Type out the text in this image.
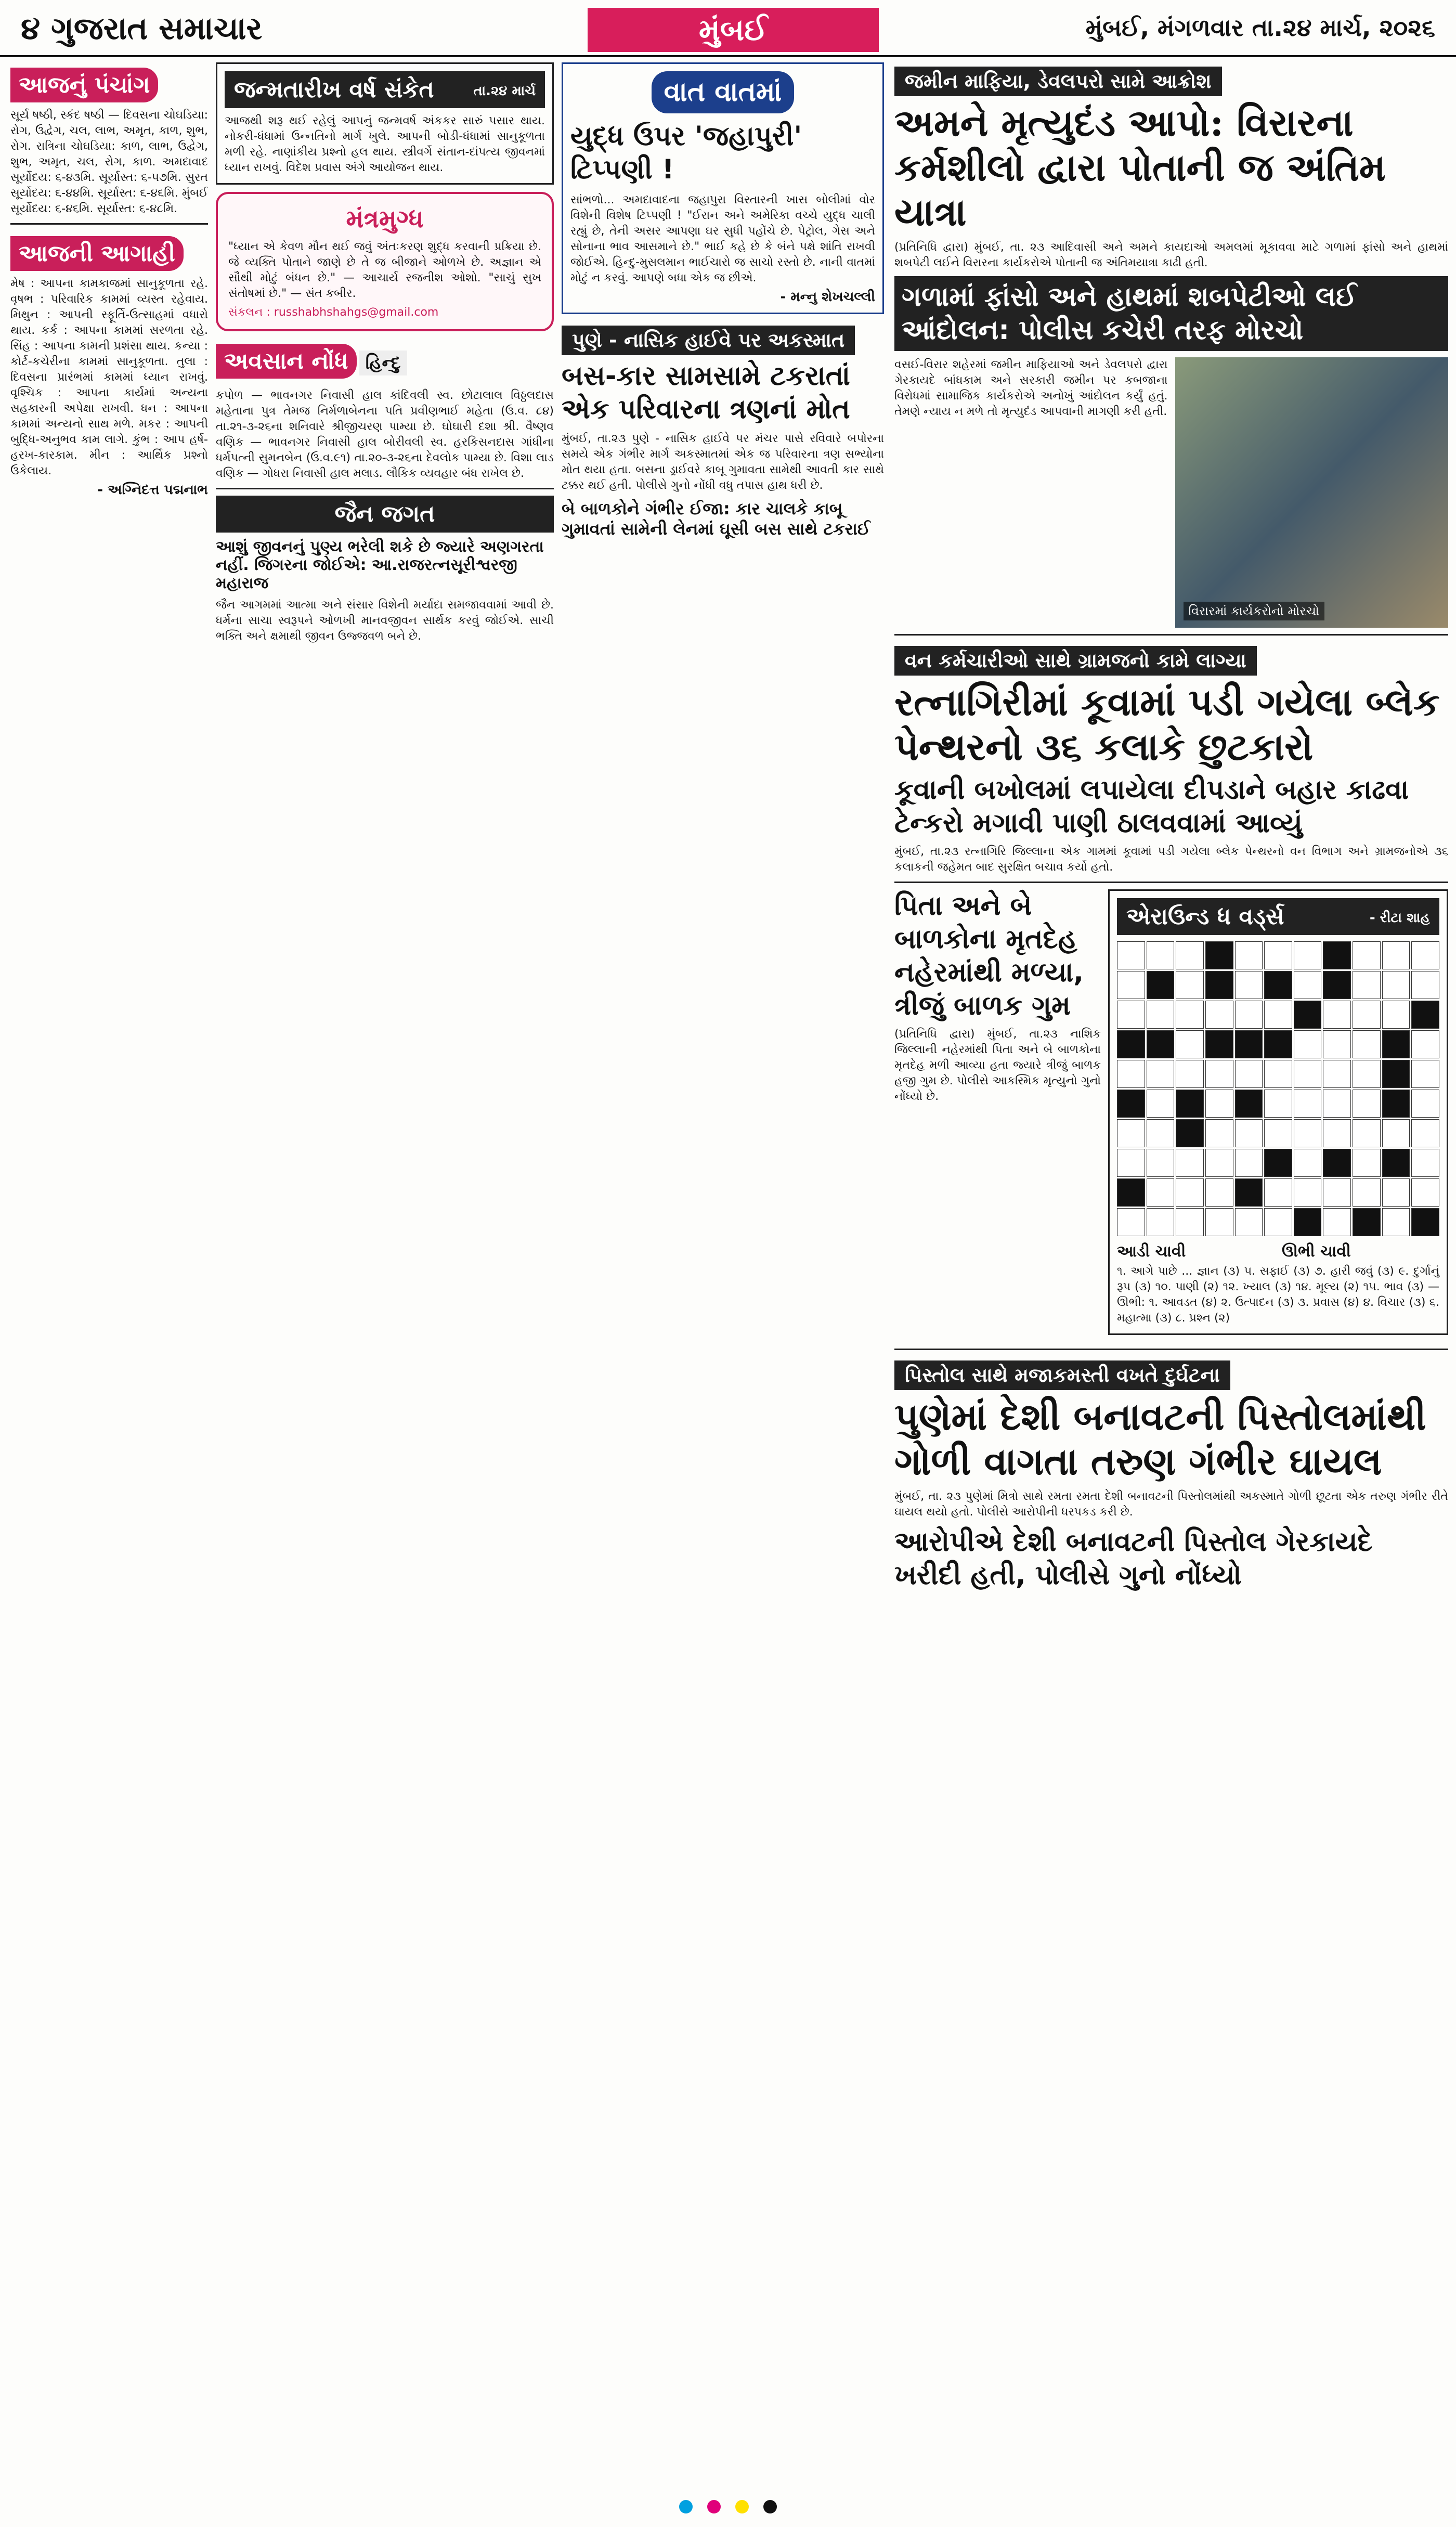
૪ ગુજરાત સમાચાર	મુંબઈ	મુંબઈ, મંગળવાર તા.૨૪ માર્ચ, ૨૦૨૬
આજનું પંચાંગ
સૂર્ય ષષ્ઠી, સ્કંદ ષષ્ઠી — દિવસના ચોઘડિયા: રોગ, ઉદ્વેગ, ચલ, લાભ, અમૃત, કાળ, શુભ, રોગ. રાત્રિના ચોઘડિયા: કાળ, લાભ, ઉદ્વેગ, શુભ, અમૃત, ચલ, રોગ, કાળ. અમદાવાદ સૂર્યોદય: ૬-૪૩મિ. સૂર્યાસ્ત: ૬-૫૭મિ. સુરત સૂર્યોદય: ૬-૪૪મિ. સૂર્યાસ્ત: ૬-૪૬મિ. મુંબઈ સૂર્યોદય: ૬-૪૬મિ. સૂર્યાસ્ત: ૬-૪૮મિ.
આજની આગાહી
મેષ : આપના કામકાજમાં સાનુકૂળતા રહે. વૃષભ : પરિવારિક કામમાં વ્યસ્ત રહેવાય. મિથુન : આપની સ્ફૂર્તિ-ઉત્સાહમાં વધારો થાય. કર્ક : આપના કામમાં સરળતા રહે. સિંહ : આપના કામની પ્રશંસા થાય. કન્યા : કોર્ટ-કચેરીના કામમાં સાનુકૂળતા. તુલા : દિવસના પ્રારંભમાં કામમાં ધ્યાન રાખવું. વૃશ્ચિક : આપના કાર્યમાં અન્યના સહકારની અપેક્ષા રાખવી. ધન : આપના કામમાં અન્યનો સાથ મળે. મકર : આપની બુદ્ધિ-અનુભવ કામ લાગે. કુંભ : આપ હર્ષ-હરખ-કારકામ. મીન : આર્થિક પ્રશ્નો ઉકેલાય.
- અગ્નિદત્ત પદ્મનાભ
જન્મતારીખ વર્ષ સંકેત	તા.૨૪ માર્ચ
આજથી શરૂ થઈ રહેલું આપનું જન્મવર્ષ અંકકર સારું પસાર થાય. નોકરી-ધંધામાં ઉન્નતિનો માર્ગ ખુલે. આપની બોડી-ધંધામાં સાનુકૂળતા મળી રહે. નાણાંકીય પ્રશ્નો હલ થાય. સ્ત્રીવર્ગે સંતાન-દાંપત્ય જીવનમાં ધ્યાન રાખવું. વિદેશ પ્રવાસ અંગે આયોજન થાય.
મંત્રમુગ્ધ
"ધ્યાન એ કેવળ મૌન થઈ જવું અંતઃકરણ શુદ્ધ કરવાની પ્રક્રિયા છે. જે વ્યક્તિ પોતાને જાણે છે તે જ બીજાને ઓળખે છે. અજ્ઞાન એ સૌથી મોટું બંધન છે." — આચાર્ય રજનીશ ઓશો. "સાચું સુખ સંતોષમાં છે." — સંત કબીર.
સંકલન : russhabhshahgs@gmail.com
અવસાન નોંધ હિન્દુ
કપોળ — ભાવનગર નિવાસી હાલ કાંદિવલી સ્વ. છોટાલાલ વિઠ્ઠલદાસ મહેતાના પુત્ર તેમજ નિર્મળાબેનના પતિ પ્રવીણભાઈ મહેતા (ઉ.વ. ૮૪) તા.૨૧-૩-૨૬ના શનિવારે શ્રીજીચરણ પામ્યા છે. ઘોઘારી દશા શ્રી. વૈષ્ણવ વણિક — ભાવનગર નિવાસી હાલ બોરીવલી સ્વ. હરકિસનદાસ ગાંધીના ધર્મપત્ની સુમનબેન (ઉ.વ.૯૧) તા.૨૦-૩-૨૬ના દેવલોક પામ્યા છે. વિશા લાડ વણિક — ગોધરા નિવાસી હાલ મલાડ. લૌકિક વ્યવહાર બંધ રાખેલ છે.
જૈન જગત
આશું જીવનનું પુણ્ય ભરેલી શકે છે જ્યારે અણગરતા નહીં. જિગરના જોઈએ: આ.રાજરત્નસૂરીશ્વરજી મહારાજ
જૈન આગમમાં આત્મા અને સંસાર વિશેની મર્યાદા સમજાવવામાં આવી છે. ધર્મના સાચા સ્વરૂપને ઓળખી માનવજીવન સાર્થક કરવું જોઈએ. સાચી ભક્તિ અને ક્ષમાથી જીવન ઉજ્જવળ બને છે.
વાત વાતમાં
યુદ્ધ ઉપર 'જહાપુરી' ટિપ્પણી !
સાંભળો... અમદાવાદના જહાપુરા વિસ્તારની ખાસ બોલીમાં વોર વિશેની વિશેષ ટિપ્પણી ! "ઈરાન અને અમેરિકા વચ્ચે યુદ્ધ ચાલી રહ્યું છે, તેની અસર આપણા ઘર સુધી પહોંચે છે. પેટ્રોલ, ગેસ અને સોનાના ભાવ આસમાને છે." ભાઈ કહે છે કે બંને પક્ષે શાંતિ રાખવી જોઈએ. હિન્દુ-મુસલમાન ભાઈચારો જ સાચો રસ્તો છે. નાની વાતમાં મોટું ન કરવું. આપણે બધા એક જ છીએ.
- મન્નુ શેખચલ્લી
પુણે - નાસિક હાઈવે પર અકસ્માત
બસ-કાર સામસામે ટકરાતાં એક પરિવારના ત્રણનાં મોત
મુંબઈ, તા.૨૩ પુણે - નાસિક હાઈવે પર મંચર પાસે રવિવારે બપોરના સમયે એક ગંભીર માર્ગ અકસ્માતમાં એક જ પરિવારના ત્રણ સભ્યોના મોત થયા હતા. બસના ડ્રાઈવરે કાબૂ ગુમાવતા સામેથી આવતી કાર સાથે ટક્કર થઈ હતી. પોલીસે ગુનો નોંધી વધુ તપાસ હાથ ધરી છે.
બે બાળકોને ગંભીર ઈજા: કાર ચાલકે કાબૂ ગુમાવતાં સામેની લેનમાં ઘૂસી બસ સાથે ટકરાઈ
જમીન માફિયા, ડેવલપરો સામે આક્રોશ
અમને મૃત્યુદંડ આપો: વિરારના કર્મશીલો દ્વારા પોતાની જ અંતિમ યાત્રા
(પ્રતિનિધિ દ્વારા) મુંબઈ, તા. ૨૩ આદિવાસી અને અમને કાયદાઓ અમલમાં મૂકાવવા માટે ગળામાં ફાંસો અને હાથમાં શબપેટી લઈને વિરારના કાર્યકરોએ પોતાની જ અંતિમયાત્રા કાઢી હતી.
ગળામાં ફાંસો અને હાથમાં શબપેટીઓ લઈ આંદોલન: પોલીસ કચેરી તરફ મોરચો
વસઈ-વિરાર શહેરમાં જમીન માફિયાઓ અને ડેવલપરો દ્વારા ગેરકાયદે બાંધકામ અને સરકારી જમીન પર કબજાના વિરોધમાં સામાજિક કાર્યકરોએ અનોખું આંદોલન કર્યું હતું. તેમણે ન્યાય ન મળે તો મૃત્યુદંડ આપવાની માગણી કરી હતી.
વિરારમાં કાર્યકરોનો મોરચો
વન કર્મચારીઓ સાથે ગ્રામજનો કામે લાગ્યા
રત્નાગિરીમાં કૂવામાં પડી ગયેલા બ્લેક પેન્થરનો ૩૬ કલાકે છુટકારો
કૂવાની બખોલમાં લપાયેલા દીપડાને બહાર કાઢવા ટેન્કરો મગાવી પાણી ઠાલવવામાં આવ્યું
મુંબઈ, તા.૨૩ રત્નાગિરિ જિલ્લાના એક ગામમાં કૂવામાં પડી ગયેલા બ્લેક પેન્થરનો વન વિભાગ અને ગ્રામજનોએ ૩૬ કલાકની જહેમત બાદ સુરક્ષિત બચાવ કર્યો હતો.
પિતા અને બે બાળકોના મૃતદેહ નહેરમાંથી મળ્યા, ત્રીજું બાળક ગુમ
(પ્રતિનિધિ દ્વારા) મુંબઈ, તા.૨૩ નાશિક જિલ્લાની નહેરમાંથી પિતા અને બે બાળકોના મૃતદેહ મળી આવ્યા હતા જ્યારે ત્રીજું બાળક હજી ગુમ છે. પોલીસે આકસ્મિક મૃત્યુનો ગુનો નોંધ્યો છે.
એરાઉન્ડ ધ વર્ડ્સ	- રીટા શાહ
આડી ચાવી	ઊભી ચાવી
૧. આગે પાછે ... જ્ઞાન (૩) ૫. સફાઈ (૩) ૭. હારી જવું (૩) ૯. દુર્ગાનું રૂપ (૩) ૧૦. પાણી (૨) ૧૨. ખ્યાલ (૩) ૧૪. મૂલ્ય (૨) ૧૫. ભાવ (૩) — ઊભી: ૧. આવડત (૪) ૨. ઉત્પાદન (૩) ૩. પ્રવાસ (૪) ૪. વિચાર (૩) ૬. મહાત્મા (૩) ૮. પ્રશ્ન (૨)
પિસ્તોલ સાથે મજાકમસ્તી વખતે દુર્ઘટના
પુણેમાં દેશી બનાવટની પિસ્તોલમાંથી ગોળી વાગતા તરુણ ગંભીર ઘાયલ
મુંબઈ, તા. ૨૩ પુણેમાં મિત્રો સાથે રમતા રમતા દેશી બનાવટની પિસ્તોલમાંથી અકસ્માતે ગોળી છૂટતા એક તરુણ ગંભીર રીતે ઘાયલ થયો હતો. પોલીસે આરોપીની ધરપકડ કરી છે.
આરોપીએ દેશી બનાવટની પિસ્તોલ ગેરકાયદે ખરીદી હતી, પોલીસે ગુનો નોંધ્યો
